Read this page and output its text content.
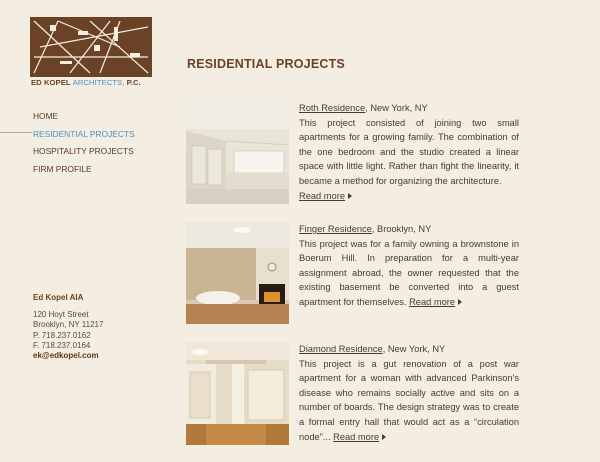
ED KOPEL ARCHITECTS, P.C.
RESIDENTIAL PROJECTS
HOME
RESIDENTIAL PROJECTS
HOSPITALITY PROJECTS
FIRM PROFILE
Ed Kopel AIA
120 Hoyt Street
Brooklyn, NY 11217
P. 718.237.0162
F. 718.237.0164
ek@edkopel.com
Roth Residence, New York, NY
This project consisted of joining two small apartments for a growing family. The combination of the one bedroom and the studio created a linear space with little light. Rather than fight the linearity, it became a method for organizing the architecture.
Read more
Finger Residence, Brooklyn, NY
This project was for a family owning a brownstone in Boerum Hill. In preparation for a multi-year assignment abroad, the owner requested that the existing basement be converted into a guest apartment for themselves. Read more
Diamond Residence, New York, NY
This project is a gut renovation of a post war apartment for a woman with advanced Parkinson's disease who remains socially active and sits on a number of boards. The design strategy was to create a formal entry hall that would act as a “circulation node”... Read more
